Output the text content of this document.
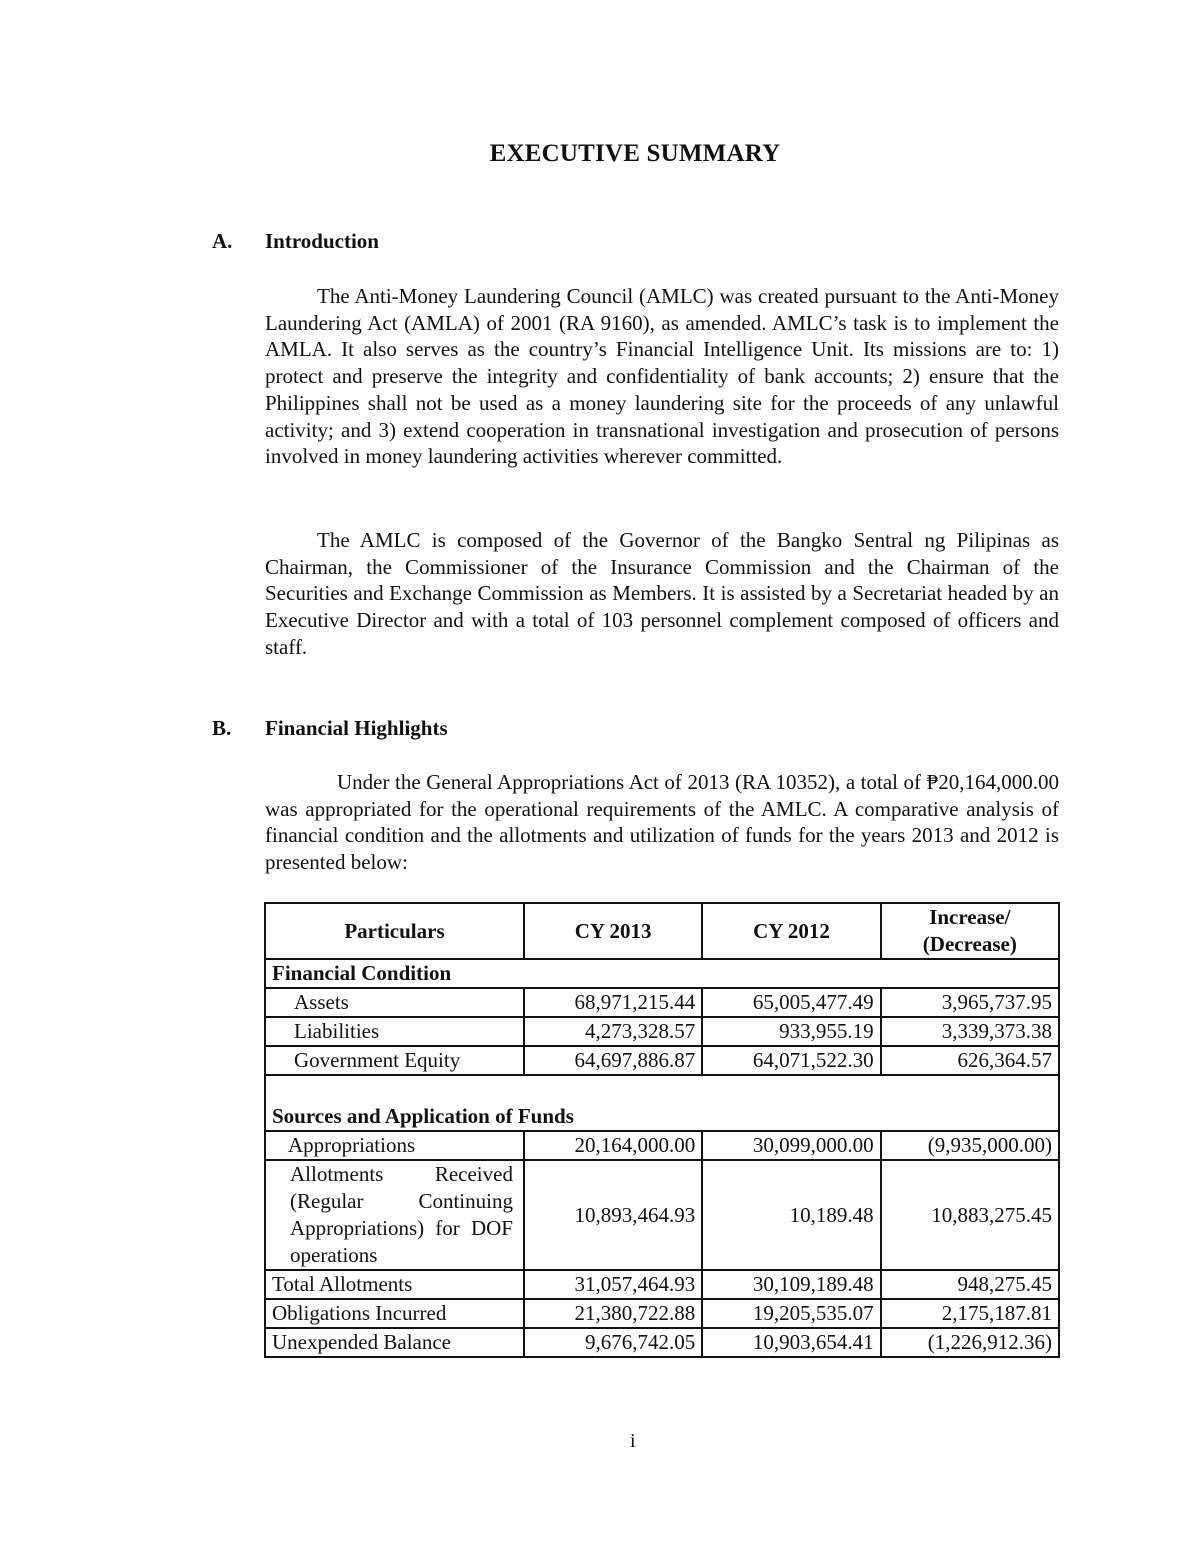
EXECUTIVE SUMMARY
A. Introduction

The Anti-Money Laundering Council (AMLC) was created pursuant to the Anti-Money Laundering Act (AMLA) of 2001 (RA 9160), as amended. AMLC’s task is to implement the AMLA. It also serves as the country’s Financial Intelligence Unit. Its missions are to: 1) protect and preserve the integrity and confidentiality of bank accounts; 2) ensure that the Philippines shall not be used as a money laundering site for the proceeds of any unlawful activity; and 3) extend cooperation in transnational investigation and prosecution of persons involved in money laundering activities wherever committed.

The AMLC is composed of the Governor of the Bangko Sentral ng Pilipinas as Chairman, the Commissioner of the Insurance Commission and the Chairman of the Securities and Exchange Commission as Members. It is assisted by a Secretariat headed by an Executive Director and with a total of 103 personnel complement composed of officers and staff.

B. Financial Highlights

Under the General Appropriations Act of 2013 (RA 10352), a total of ₱20,164,000.00 was appropriated for the operational requirements of the AMLC. A comparative analysis of financial condition and the allotments and utilization of funds for the years 2013 and 2012 is presented below:

Particulars	CY 2013	CY 2012	Increase/ (Decrease)
Financial Condition			
Assets	68,971,215.44	65,005,477.49	3,965,737.95
Liabilities	4,273,328.57	933,955.19	3,339,373.38
Government Equity	64,697,886.87	64,071,522.30	626,364.57
Sources and Application of Funds			
Appropriations	20,164,000.00	30,099,000.00	(9,935,000.00)
Allotments Received (Regular Continuing Appropriations) for DOF operations	10,893,464.93	10,189.48	10,883,275.45
Total Allotments	31,057,464.93	30,109,189.48	948,275.45
Obligations Incurred	21,380,722.88	19,205,535.07	2,175,187.81
Unexpended Balance	9,676,742.05	10,903,654.41	(1,226,912.36)
i
